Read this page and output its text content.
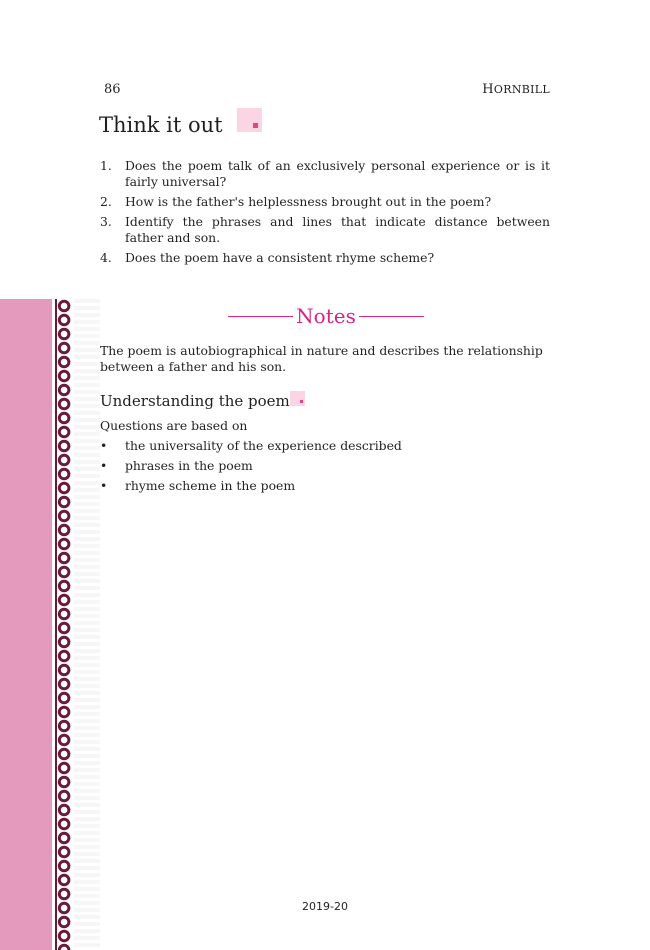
86	HORNBILL
Think it out
1. Does the poem talk of an exclusively personal experience or is it fairly universal?
2. How is the father's helplessness brought out in the poem?
3. Identify the phrases and lines that indicate distance between father and son.
4. Does the poem have a consistent rhyme scheme?
Notes

The poem is autobiographical in nature and describes the relationship between a father and his son.

Understanding the poem

Questions are based on

• the universality of the experience described
• phrases in the poem
• rhyme scheme in the poem
2019-20
